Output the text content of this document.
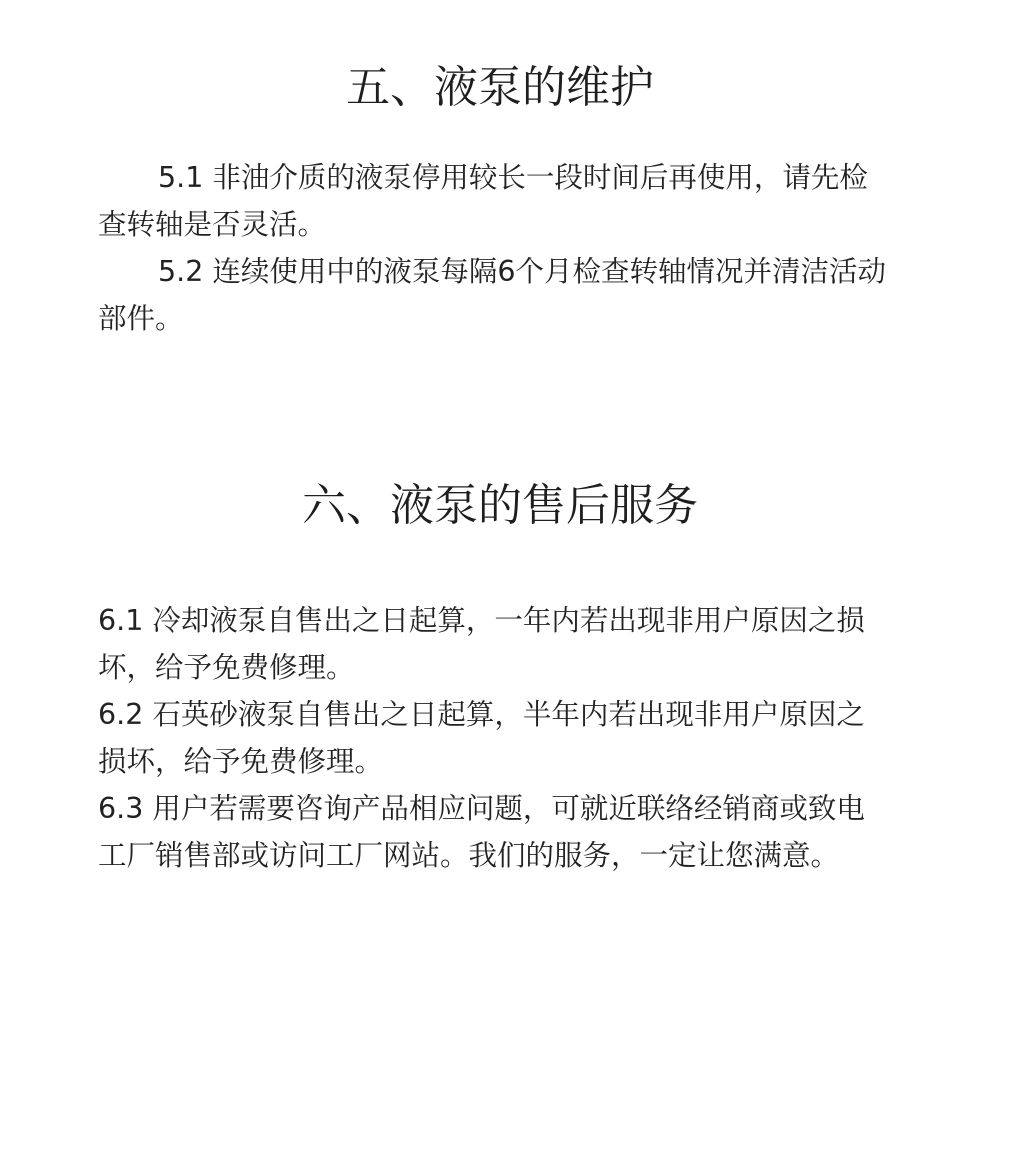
五、液泵的维护

5.1 非油介质的液泵停用较长一段时间后再使用，请先检查转轴是否灵活。

5.2 连续使用中的液泵每隔6个月检查转轴情况并清洁活动部件。

六、液泵的售后服务

6.1 冷却液泵自售出之日起算，一年内若出现非用户原因之损坏，给予免费修理。

6.2 石英砂液泵自售出之日起算，半年内若出现非用户原因之损坏，给予免费修理。

6.3 用户若需要咨询产品相应问题，可就近联络经销商或致电工厂销售部或访问工厂网站。我们的服务，一定让您满意。
